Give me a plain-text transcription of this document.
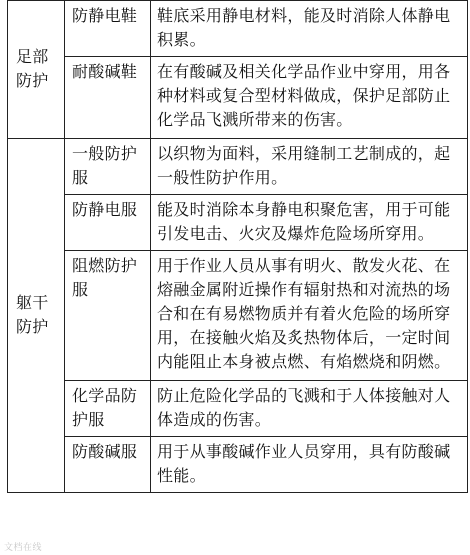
足部防护	防静电鞋	鞋底采用静电材料，能及时消除人体静电积累。
	耐酸碱鞋	在有酸碱及相关化学品作业中穿用，用各种材料或复合型材料做成，保护足部防止化学品飞溅所带来的伤害。
躯干防护	一般防护服	以织物为面料，采用缝制工艺制成的，起一般性防护作用。
	防静电服	能及时消除本身静电积聚危害，用于可能引发电击、火灾及爆炸危险场所穿用。
	阻燃防护服	用于作业人员从事有明火、散发火花、在熔融金属附近操作有辐射热和对流热的场合和在有易燃物质并有着火危险的场所穿用，在接触火焰及炙热物体后，一定时间内能阻止本身被点燃、有焰燃烧和阴燃。
	化学品防护服	防止危险化学品的飞溅和于人体接触对人体造成的伤害。
	防酸碱服	用于从事酸碱作业人员穿用，具有防酸碱性能。
文档在线
